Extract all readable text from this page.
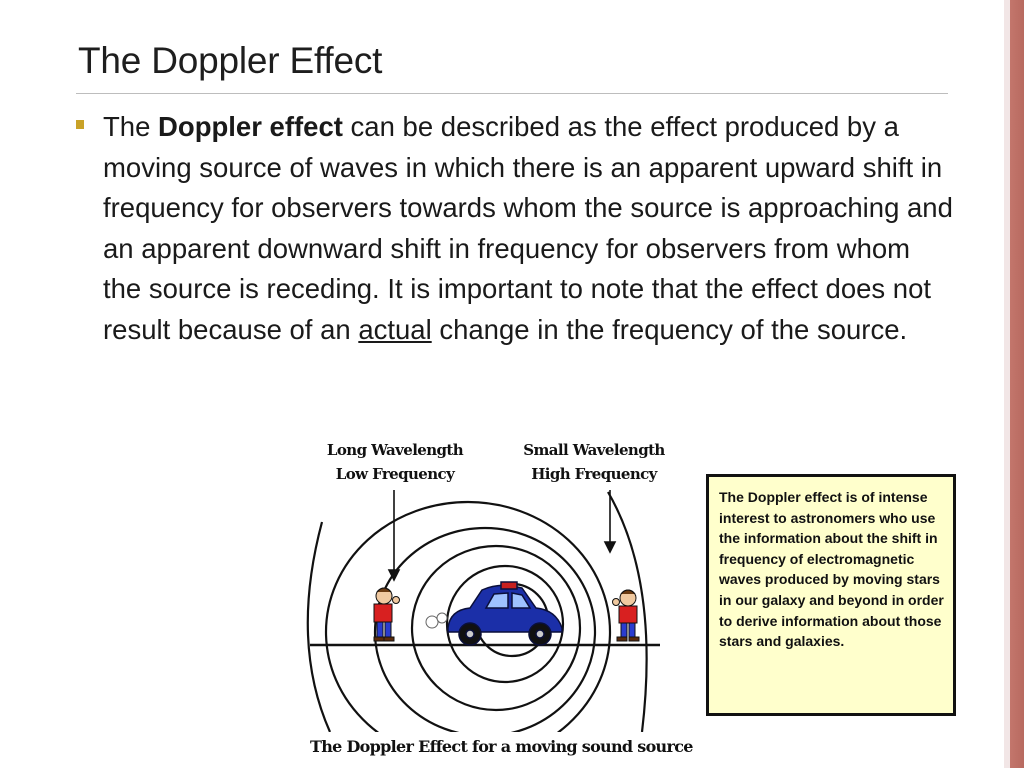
The Doppler Effect
The Doppler effect can be described as the effect produced by a moving source of waves in which there is an apparent upward shift in frequency for observers towards whom the source is approaching and an apparent downward shift in frequency for observers from whom the source is receding. It is important to note that the effect does not result because of an actual change in the frequency of the source.
Long Wavelength
Low Frequency
Small Wavelength
High Frequency
The Doppler Effect for a moving sound source
The Doppler effect is of intense interest to astronomers who use the information about the shift in frequency of electromagnetic waves produced by moving stars in our galaxy and beyond in order to derive information about those stars and galaxies.
